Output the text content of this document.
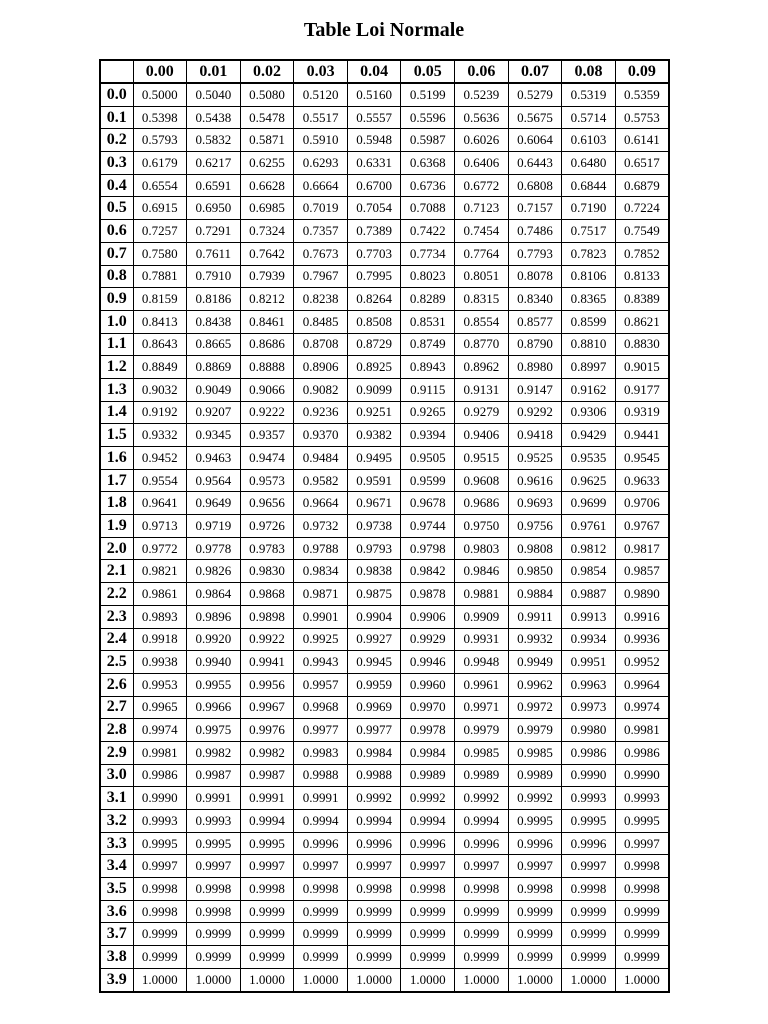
Table Loi Normale
	0.00	0.01	0.02	0.03	0.04	0.05	0.06	0.07	0.08	0.09
0.0	0.5000	0.5040	0.5080	0.5120	0.5160	0.5199	0.5239	0.5279	0.5319	0.5359
0.1	0.5398	0.5438	0.5478	0.5517	0.5557	0.5596	0.5636	0.5675	0.5714	0.5753
0.2	0.5793	0.5832	0.5871	0.5910	0.5948	0.5987	0.6026	0.6064	0.6103	0.6141
0.3	0.6179	0.6217	0.6255	0.6293	0.6331	0.6368	0.6406	0.6443	0.6480	0.6517
0.4	0.6554	0.6591	0.6628	0.6664	0.6700	0.6736	0.6772	0.6808	0.6844	0.6879
0.5	0.6915	0.6950	0.6985	0.7019	0.7054	0.7088	0.7123	0.7157	0.7190	0.7224
0.6	0.7257	0.7291	0.7324	0.7357	0.7389	0.7422	0.7454	0.7486	0.7517	0.7549
0.7	0.7580	0.7611	0.7642	0.7673	0.7703	0.7734	0.7764	0.7793	0.7823	0.7852
0.8	0.7881	0.7910	0.7939	0.7967	0.7995	0.8023	0.8051	0.8078	0.8106	0.8133
0.9	0.8159	0.8186	0.8212	0.8238	0.8264	0.8289	0.8315	0.8340	0.8365	0.8389
1.0	0.8413	0.8438	0.8461	0.8485	0.8508	0.8531	0.8554	0.8577	0.8599	0.8621
1.1	0.8643	0.8665	0.8686	0.8708	0.8729	0.8749	0.8770	0.8790	0.8810	0.8830
1.2	0.8849	0.8869	0.8888	0.8906	0.8925	0.8943	0.8962	0.8980	0.8997	0.9015
1.3	0.9032	0.9049	0.9066	0.9082	0.9099	0.9115	0.9131	0.9147	0.9162	0.9177
1.4	0.9192	0.9207	0.9222	0.9236	0.9251	0.9265	0.9279	0.9292	0.9306	0.9319
1.5	0.9332	0.9345	0.9357	0.9370	0.9382	0.9394	0.9406	0.9418	0.9429	0.9441
1.6	0.9452	0.9463	0.9474	0.9484	0.9495	0.9505	0.9515	0.9525	0.9535	0.9545
1.7	0.9554	0.9564	0.9573	0.9582	0.9591	0.9599	0.9608	0.9616	0.9625	0.9633
1.8	0.9641	0.9649	0.9656	0.9664	0.9671	0.9678	0.9686	0.9693	0.9699	0.9706
1.9	0.9713	0.9719	0.9726	0.9732	0.9738	0.9744	0.9750	0.9756	0.9761	0.9767
2.0	0.9772	0.9778	0.9783	0.9788	0.9793	0.9798	0.9803	0.9808	0.9812	0.9817
2.1	0.9821	0.9826	0.9830	0.9834	0.9838	0.9842	0.9846	0.9850	0.9854	0.9857
2.2	0.9861	0.9864	0.9868	0.9871	0.9875	0.9878	0.9881	0.9884	0.9887	0.9890
2.3	0.9893	0.9896	0.9898	0.9901	0.9904	0.9906	0.9909	0.9911	0.9913	0.9916
2.4	0.9918	0.9920	0.9922	0.9925	0.9927	0.9929	0.9931	0.9932	0.9934	0.9936
2.5	0.9938	0.9940	0.9941	0.9943	0.9945	0.9946	0.9948	0.9949	0.9951	0.9952
2.6	0.9953	0.9955	0.9956	0.9957	0.9959	0.9960	0.9961	0.9962	0.9963	0.9964
2.7	0.9965	0.9966	0.9967	0.9968	0.9969	0.9970	0.9971	0.9972	0.9973	0.9974
2.8	0.9974	0.9975	0.9976	0.9977	0.9977	0.9978	0.9979	0.9979	0.9980	0.9981
2.9	0.9981	0.9982	0.9982	0.9983	0.9984	0.9984	0.9985	0.9985	0.9986	0.9986
3.0	0.9986	0.9987	0.9987	0.9988	0.9988	0.9989	0.9989	0.9989	0.9990	0.9990
3.1	0.9990	0.9991	0.9991	0.9991	0.9992	0.9992	0.9992	0.9992	0.9993	0.9993
3.2	0.9993	0.9993	0.9994	0.9994	0.9994	0.9994	0.9994	0.9995	0.9995	0.9995
3.3	0.9995	0.9995	0.9995	0.9996	0.9996	0.9996	0.9996	0.9996	0.9996	0.9997
3.4	0.9997	0.9997	0.9997	0.9997	0.9997	0.9997	0.9997	0.9997	0.9997	0.9998
3.5	0.9998	0.9998	0.9998	0.9998	0.9998	0.9998	0.9998	0.9998	0.9998	0.9998
3.6	0.9998	0.9998	0.9999	0.9999	0.9999	0.9999	0.9999	0.9999	0.9999	0.9999
3.7	0.9999	0.9999	0.9999	0.9999	0.9999	0.9999	0.9999	0.9999	0.9999	0.9999
3.8	0.9999	0.9999	0.9999	0.9999	0.9999	0.9999	0.9999	0.9999	0.9999	0.9999
3.9	1.0000	1.0000	1.0000	1.0000	1.0000	1.0000	1.0000	1.0000	1.0000	1.0000
